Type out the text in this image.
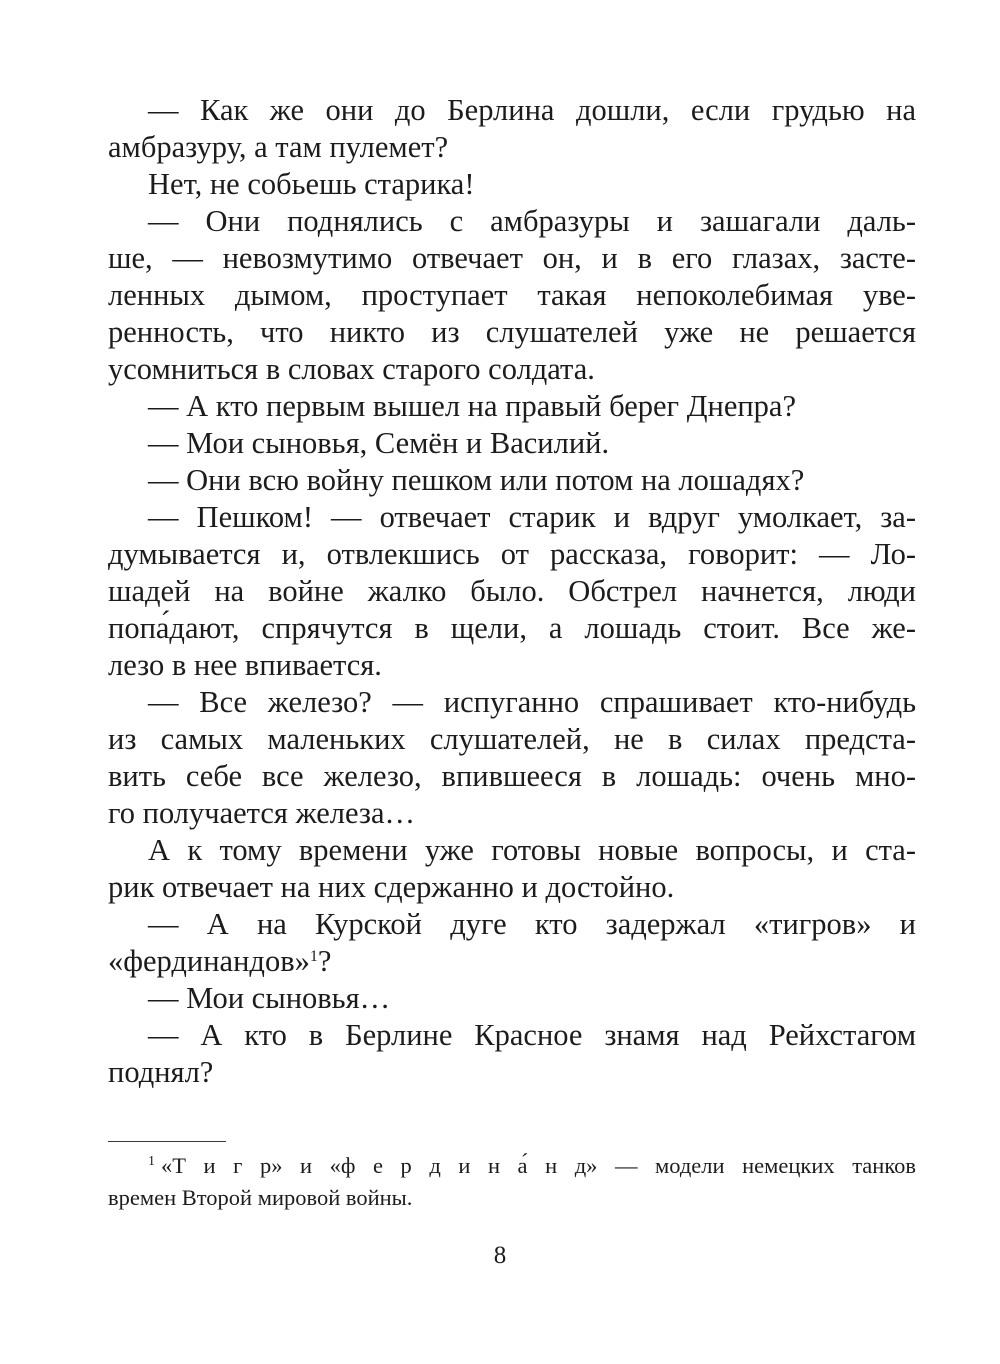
— Как же они до Берлина дошли, если грудью на
амбразуру, а там пулемет?
Нет, не собьешь старика!
— Они поднялись с амбразуры и зашагали даль-
ше, — невозмутимо отвечает он, и в его глазах, засте-
ленных дымом, проступает такая непоколебимая уве-
ренность, что никто из слушателей уже не решается
усомниться в словах старого солдата.
— А кто первым вышел на правый берег Днепра?
— Мои сыновья, Семён и Василий.
— Они всю войну пешком или потом на лошадях?
— Пешком! — отвечает старик и вдруг умолкает, за-
думывается и, отвлекшись от рассказа, говорит: — Ло-
шадей на войне жалко было. Обстрел начнется, люди
попа́дают, спрячутся в щели, а лошадь стоит. Все же-
лезо в нее впивается.
— Все железо? — испуганно спрашивает кто-нибудь
из самых маленьких слушателей, не в силах предста-
вить себе все железо, впившееся в лошадь: очень мно-
го получается железа…
А к тому времени уже готовы новые вопросы, и ста-
рик отвечает на них сдержанно и достойно.
— А на Курской дуге кто задержал «тигров» и
«фердинандов»$^1$?
— Мои сыновья…
— А кто в Берлине Красное знамя над Рейхстагом
поднял?
$^1$ «Т и г р» и «ф е р д и н а́ н д» — модели немецких танков
времен Второй мировой войны.
8
